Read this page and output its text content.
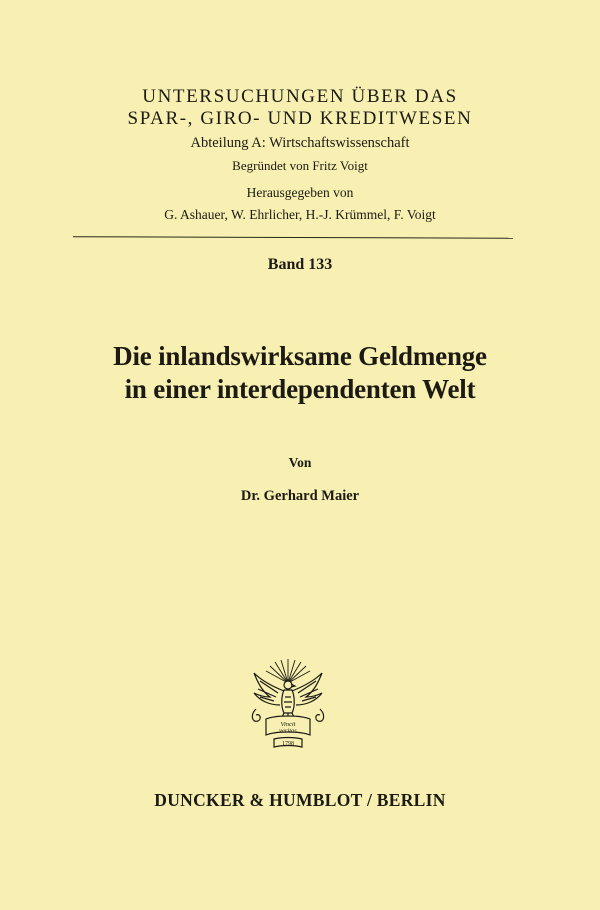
UNTERSUCHUNGEN ÜBER DAS
SPAR-, GIRO- UND KREDITWESEN
Abteilung A: Wirtschaftswissenschaft
Begründet von Fritz Voigt
Herausgegeben von
G. Ashauer, W. Ehrlicher, H.-J. Krümmel, F. Voigt
Band 133
Die inlandswirksame Geldmenge
in einer interdependenten Welt
Von
Dr. Gerhard Maier
Vincit
veritas
1798
DUNCKER & HUMBLOT / BERLIN
